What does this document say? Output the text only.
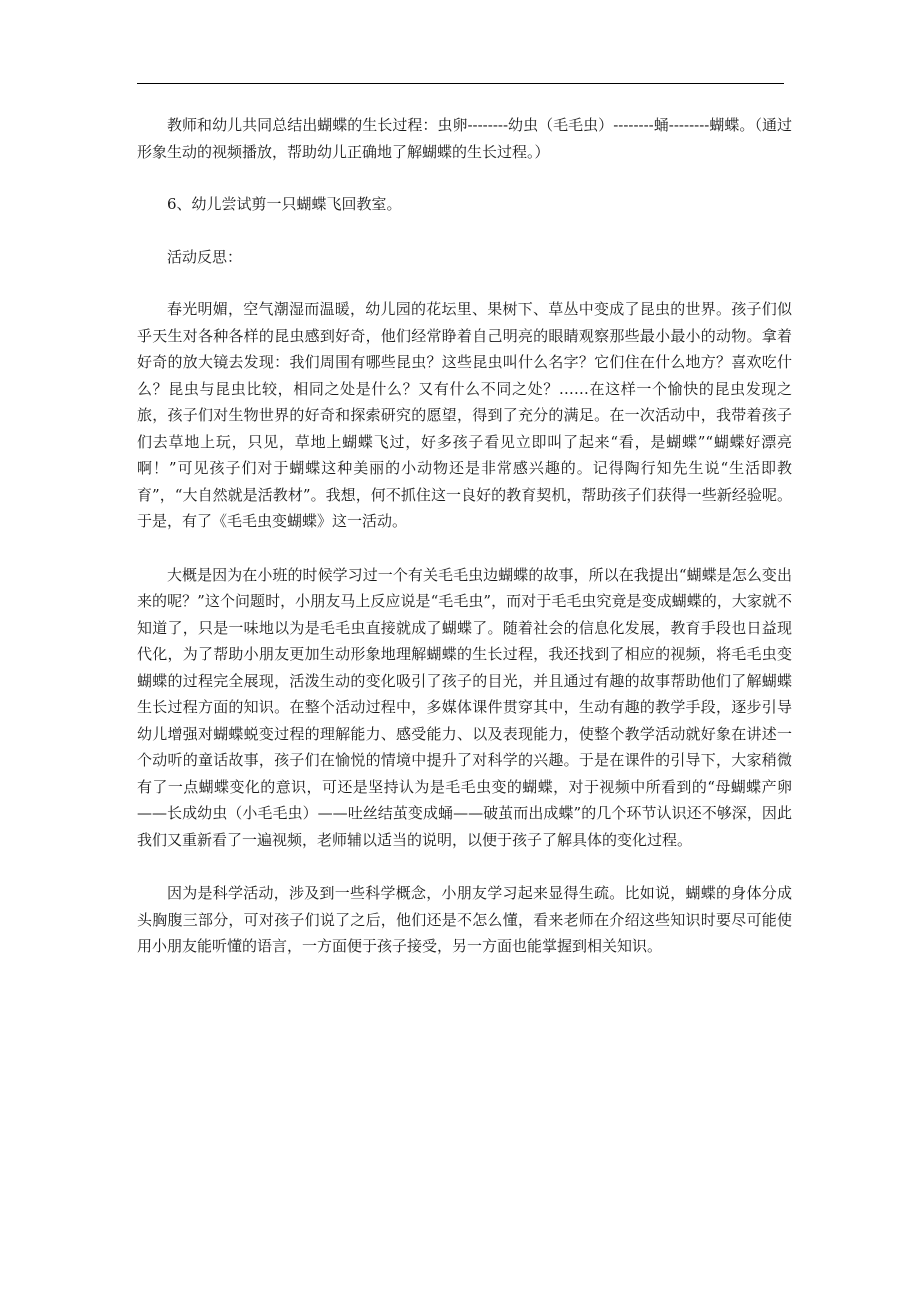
教师和幼儿共同总结出蝴蝶的生长过程：虫卵--------幼虫（毛毛虫）--------蛹--------蝴蝶。（通过形象生动的视频播放，帮助幼儿正确地了解蝴蝶的生长过程。）

6、幼儿尝试剪一只蝴蝶飞回教室。

活动反思：

春光明媚，空气潮湿而温暖，幼儿园的花坛里、果树下、草丛中变成了昆虫的世界。孩子们似乎天生对各种各样的昆虫感到好奇，他们经常睁着自己明亮的眼睛观察那些最小最小的动物。拿着好奇的放大镜去发现：我们周围有哪些昆虫？这些昆虫叫什么名字？它们住在什么地方？喜欢吃什么？昆虫与昆虫比较，相同之处是什么？又有什么不同之处？……在这样一个愉快的昆虫发现之旅，孩子们对生物世界的好奇和探索研究的愿望，得到了充分的满足。在一次活动中，我带着孩子们去草地上玩，只见，草地上蝴蝶飞过，好多孩子看见立即叫了起来“看，是蝴蝶”“蝴蝶好漂亮啊！”可见孩子们对于蝴蝶这种美丽的小动物还是非常感兴趣的。记得陶行知先生说“生活即教育”，“大自然就是活教材”。我想，何不抓住这一良好的教育契机，帮助孩子们获得一些新经验呢。于是，有了《毛毛虫变蝴蝶》这一活动。

大概是因为在小班的时候学习过一个有关毛毛虫边蝴蝶的故事，所以在我提出“蝴蝶是怎么变出来的呢？”这个问题时，小朋友马上反应说是“毛毛虫”，而对于毛毛虫究竟是变成蝴蝶的，大家就不知道了，只是一味地以为是毛毛虫直接就成了蝴蝶了。随着社会的信息化发展，教育手段也日益现代化，为了帮助小朋友更加生动形象地理解蝴蝶的生长过程，我还找到了相应的视频，将毛毛虫变蝴蝶的过程完全展现，活泼生动的变化吸引了孩子的目光，并且通过有趣的故事帮助他们了解蝴蝶生长过程方面的知识。在整个活动过程中，多媒体课件贯穿其中，生动有趣的教学手段，逐步引导幼儿增强对蝴蝶蜕变过程的理解能力、感受能力、以及表现能力，使整个教学活动就好象在讲述一个动听的童话故事，孩子们在愉悦的情境中提升了对科学的兴趣。于是在课件的引导下，大家稍微有了一点蝴蝶变化的意识，可还是坚持认为是毛毛虫变的蝴蝶，对于视频中所看到的“母蝴蝶产卵——长成幼虫（小毛毛虫）——吐丝结茧变成蛹——破茧而出成蝶”的几个环节认识还不够深，因此我们又重新看了一遍视频，老师辅以适当的说明，以便于孩子了解具体的变化过程。

因为是科学活动，涉及到一些科学概念，小朋友学习起来显得生疏。比如说，蝴蝶的身体分成头胸腹三部分，可对孩子们说了之后，他们还是不怎么懂，看来老师在介绍这些知识时要尽可能使用小朋友能听懂的语言，一方面便于孩子接受，另一方面也能掌握到相关知识。
